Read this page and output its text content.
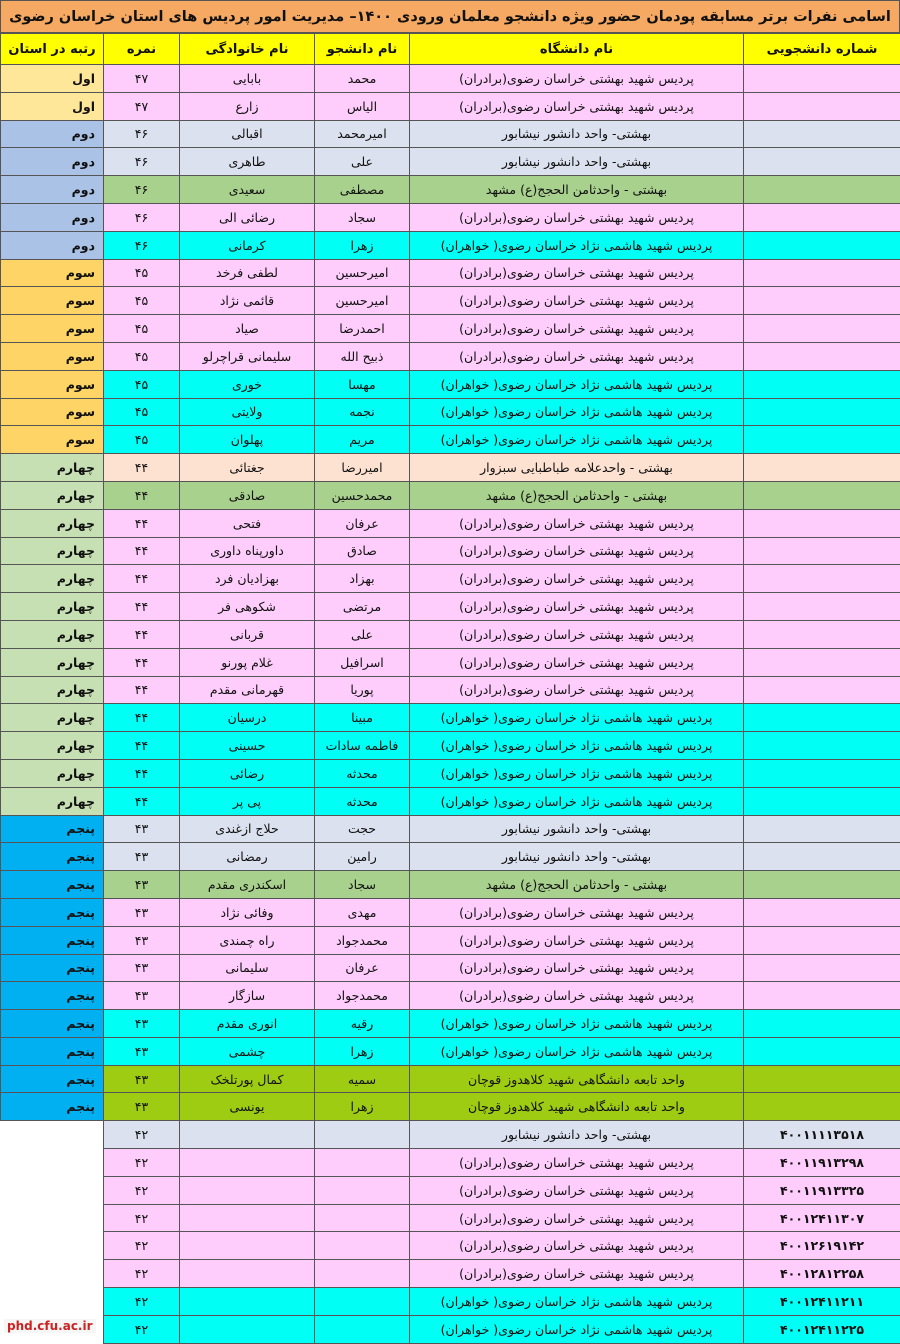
اسامی نفرات برتر مسابقه پودمان حضور ویژه دانشجو معلمان ورودی ۱۴۰۰– مدیریت امور پردیس های استان خراسان رضوی
شماره دانشجویی	نام دانشگاه	نام دانشجو	نام خانوادگی	نمره	رتبه در استان
	پردیس شهید بهشتی خراسان رضوی(برادران)	محمد	بابایی	۴۷	اول
	پردیس شهید بهشتی خراسان رضوی(برادران)	الیاس	زارع	۴۷	اول
	بهشتی- واحد دانشور نیشابور	امیرمحمد	اقبالی	۴۶	دوم
	بهشتی- واحد دانشور نیشابور	علی	طاهری	۴۶	دوم
	بهشتی - واحدثامن الحجج(ع) مشهد	مصطفی	سعیدی	۴۶	دوم
	پردیس شهید بهشتی خراسان رضوی(برادران)	سجاد	رضائی الی	۴۶	دوم
	پردیس شهید هاشمی نژاد خراسان رضوی( خواهران)	زهرا	کرمانی	۴۶	دوم
	پردیس شهید بهشتی خراسان رضوی(برادران)	امیرحسین	لطفی فرخد	۴۵	سوم
	پردیس شهید بهشتی خراسان رضوی(برادران)	امیرحسین	قائمی نژاد	۴۵	سوم
	پردیس شهید بهشتی خراسان رضوی(برادران)	احمدرضا	صیاد	۴۵	سوم
	پردیس شهید بهشتی خراسان رضوی(برادران)	ذبیح الله	سلیمانی قراچرلو	۴۵	سوم
	پردیس شهید هاشمی نژاد خراسان رضوی( خواهران)	مهسا	خوری	۴۵	سوم
	پردیس شهید هاشمی نژاد خراسان رضوی( خواهران)	نجمه	ولایتی	۴۵	سوم
	پردیس شهید هاشمی نژاد خراسان رضوی( خواهران)	مریم	پهلوان	۴۵	سوم
	بهشتی - واحدعلامه طباطبایی سبزوار	امیررضا	جغتائی	۴۴	چهارم
	بهشتی - واحدثامن الحجج(ع) مشهد	محمدحسین	صادقی	۴۴	چهارم
	پردیس شهید بهشتی خراسان رضوی(برادران)	عرفان	فتحی	۴۴	چهارم
	پردیس شهید بهشتی خراسان رضوی(برادران)	صادق	داورپناه داوری	۴۴	چهارم
	پردیس شهید بهشتی خراسان رضوی(برادران)	بهزاد	بهزادیان فرد	۴۴	چهارم
	پردیس شهید بهشتی خراسان رضوی(برادران)	مرتضی	شکوهی فر	۴۴	چهارم
	پردیس شهید بهشتی خراسان رضوی(برادران)	علی	قربانی	۴۴	چهارم
	پردیس شهید بهشتی خراسان رضوی(برادران)	اسرافیل	غلام پورنو	۴۴	چهارم
	پردیس شهید بهشتی خراسان رضوی(برادران)	پوریا	قهرمانی مقدم	۴۴	چهارم
	پردیس شهید هاشمی نژاد خراسان رضوی( خواهران)	مبینا	درسیان	۴۴	چهارم
	پردیس شهید هاشمی نژاد خراسان رضوی( خواهران)	فاطمه سادات	حسینی	۴۴	چهارم
	پردیس شهید هاشمی نژاد خراسان رضوی( خواهران)	محدثه	رضائی	۴۴	چهارم
	پردیس شهید هاشمی نژاد خراسان رضوی( خواهران)	محدثه	پی پر	۴۴	چهارم
	بهشتی- واحد دانشور نیشابور	حجت	حلاج ازغندی	۴۳	پنجم
	بهشتی- واحد دانشور نیشابور	رامین	رمضانی	۴۳	پنجم
	بهشتی - واحدثامن الحجج(ع) مشهد	سجاد	اسکندری مقدم	۴۳	پنجم
	پردیس شهید بهشتی خراسان رضوی(برادران)	مهدی	وفائی نژاد	۴۳	پنجم
	پردیس شهید بهشتی خراسان رضوی(برادران)	محمدجواد	راه چمندی	۴۳	پنجم
	پردیس شهید بهشتی خراسان رضوی(برادران)	عرفان	سلیمانی	۴۳	پنجم
	پردیس شهید بهشتی خراسان رضوی(برادران)	محمدجواد	سازگار	۴۳	پنجم
	پردیس شهید هاشمی نژاد خراسان رضوی( خواهران)	رقیه	انوری مقدم	۴۳	پنجم
	پردیس شهید هاشمی نژاد خراسان رضوی( خواهران)	زهرا	چشمی	۴۳	پنجم
	واحد تابعه دانشگاهی شهید کلاهدوز قوچان	سمیه	کمال پورتلخک	۴۳	پنجم
	واحد تابعه دانشگاهی شهید کلاهدوز قوچان	زهرا	یونسی	۴۳	پنجم
۴۰۰۱۱۱۱۳۵۱۸	بهشتی- واحد دانشور نیشابور			۴۲	
۴۰۰۱۱۹۱۳۲۹۸	پردیس شهید بهشتی خراسان رضوی(برادران)			۴۲	
۴۰۰۱۱۹۱۳۳۲۵	پردیس شهید بهشتی خراسان رضوی(برادران)			۴۲	
۴۰۰۱۲۴۱۱۳۰۷	پردیس شهید بهشتی خراسان رضوی(برادران)			۴۲	
۴۰۰۱۲۶۱۹۱۴۲	پردیس شهید بهشتی خراسان رضوی(برادران)			۴۲	
۴۰۰۱۲۸۱۲۲۵۸	پردیس شهید بهشتی خراسان رضوی(برادران)			۴۲	
۴۰۰۱۲۴۱۱۲۱۱	پردیس شهید هاشمی نژاد خراسان رضوی( خواهران)			۴۲	
۴۰۰۱۲۴۱۱۲۲۵	پردیس شهید هاشمی نژاد خراسان رضوی( خواهران)			۴۲	
phd.cfu.ac.ir
